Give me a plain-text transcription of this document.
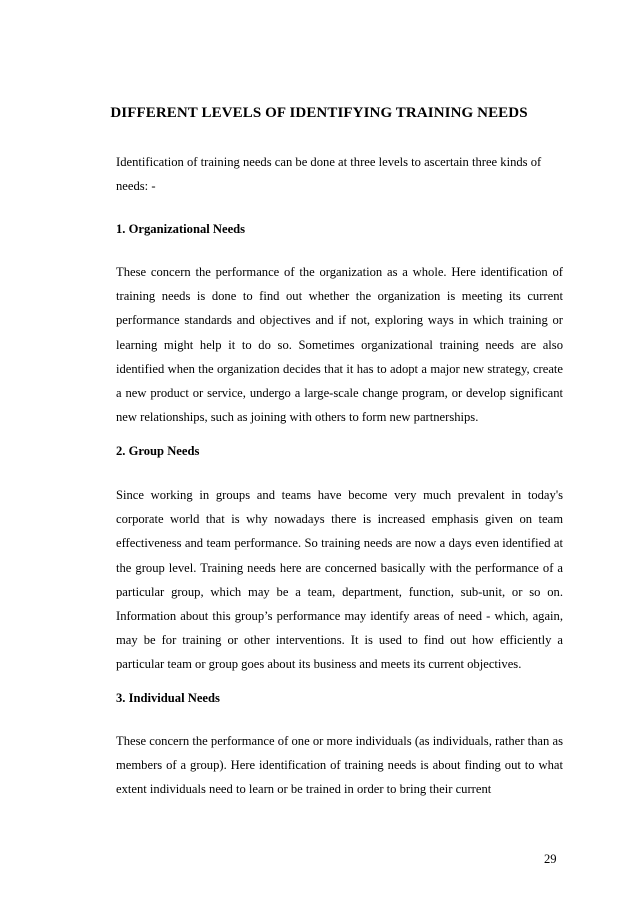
DIFFERENT LEVELS OF IDENTIFYING TRAINING NEEDS
Identification of training needs can be done at three levels to ascertain three kinds of needs: -
1. Organizational Needs
These concern the performance of the organization as a whole. Here identification of training needs is done to find out whether the organization is meeting its current performance standards and objectives and if not, exploring ways in which training or learning might help it to do so. Sometimes organizational training needs are also identified when the organization decides that it has to adopt a major new strategy, create a new product or service, undergo a large-scale change program, or develop significant new relationships, such as joining with others to form new partnerships.
2. Group Needs
Since working in groups and teams have become very much prevalent in today's corporate world that is why nowadays there is increased emphasis given on team effectiveness and team performance. So training needs are now a days even identified at the group level. Training needs here are concerned basically with the performance of a particular group, which may be a team, department, function, sub-unit, or so on. Information about this group’s performance may identify areas of need - which, again, may be for training or other interventions. It is used to find out how efficiently a particular team or group goes about its business and meets its current objectives.
3. Individual Needs
These concern the performance of one or more individuals (as individuals, rather than as members of a group). Here identification of training needs is about finding out to what extent individuals need to learn or be trained in order to bring their current
29
